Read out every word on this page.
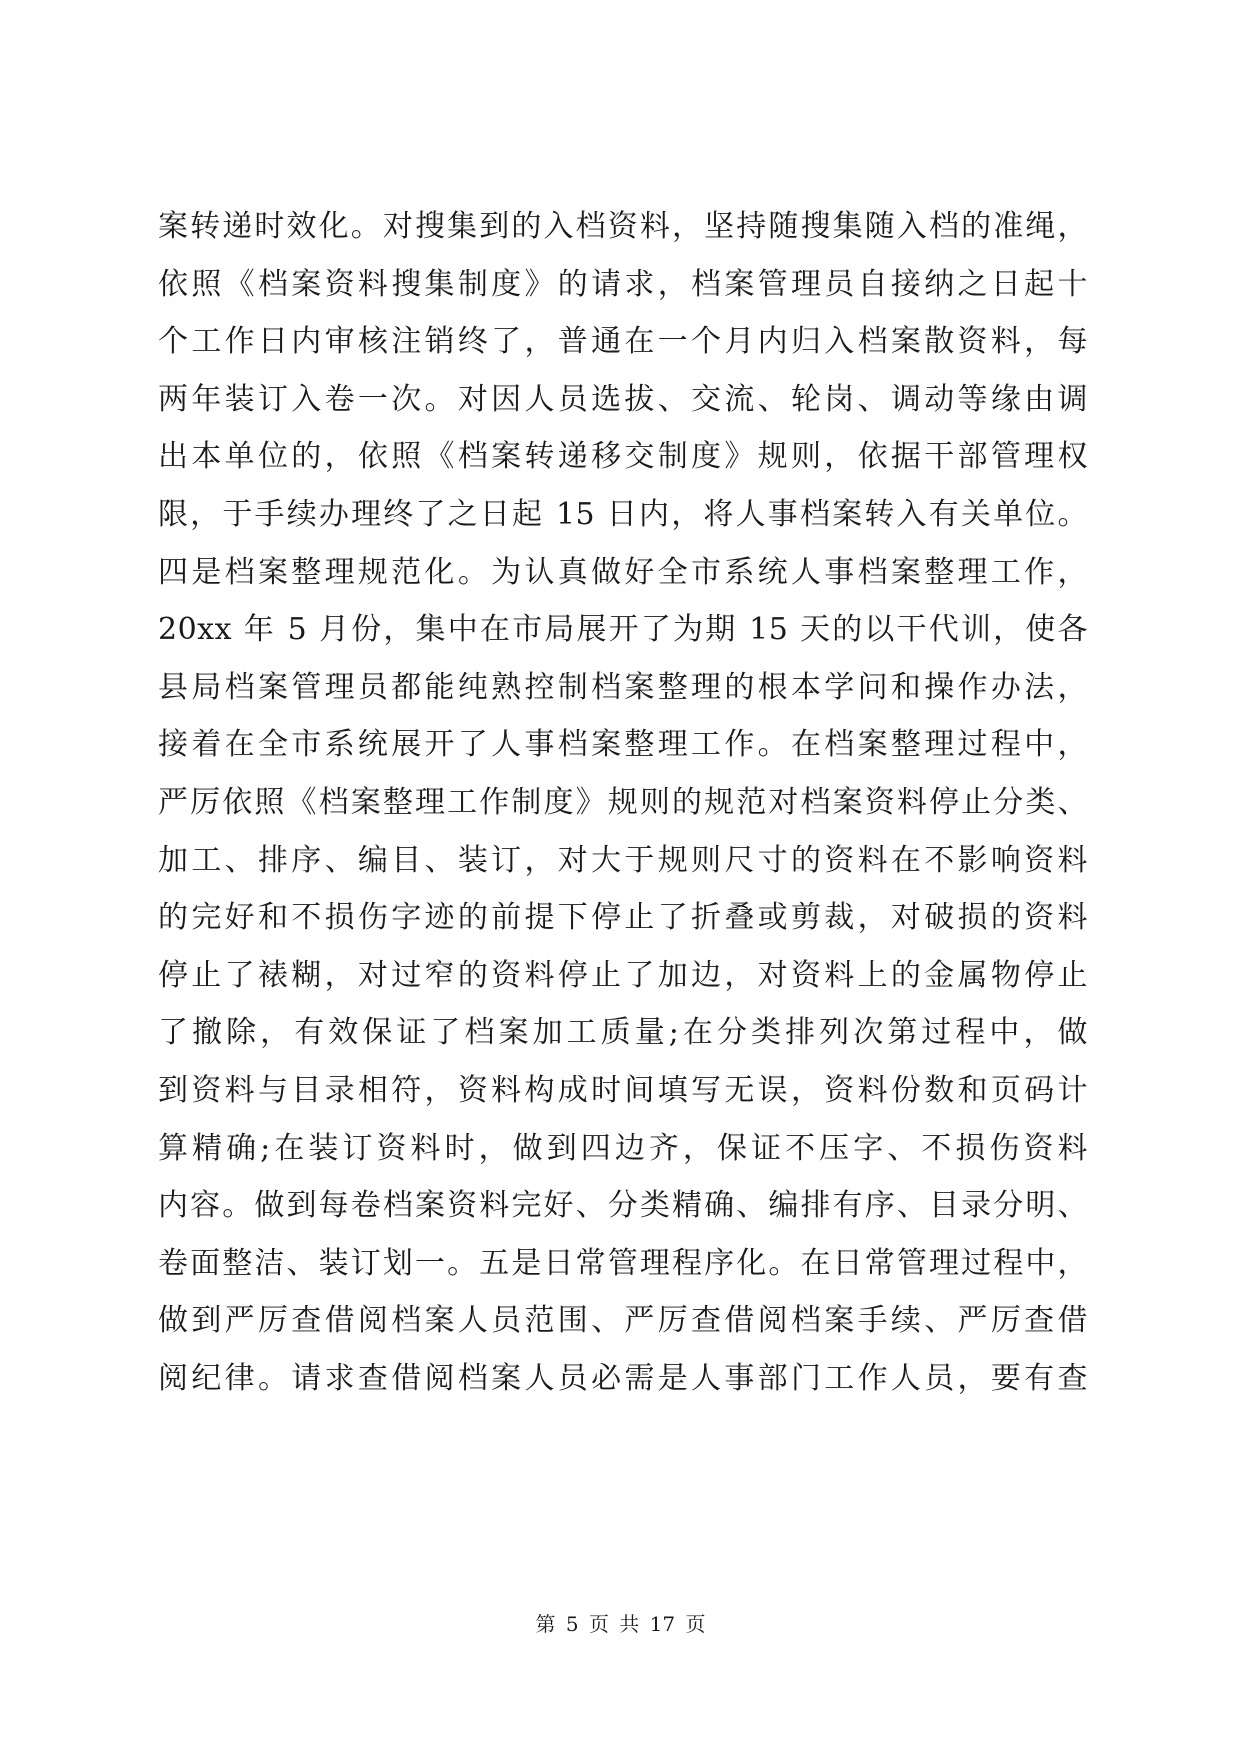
案转递时效化。对搜集到的入档资料，坚持随搜集随入档的准绳，
依照《档案资料搜集制度》的请求，档案管理员自接纳之日起十
个工作日内审核注销终了，普通在一个月内归入档案散资料，每
两年装订入卷一次。对因人员选拔、交流、轮岗、调动等缘由调
出本单位的，依照《档案转递移交制度》规则，依据干部管理权
限，于手续办理终了之日起 15 日内，将人事档案转入有关单位。
四是档案整理规范化。为认真做好全市系统人事档案整理工作，
20xx 年 5 月份，集中在市局展开了为期 15 天的以干代训，使各
县局档案管理员都能纯熟控制档案整理的根本学问和操作办法，
接着在全市系统展开了人事档案整理工作。在档案整理过程中，
严厉依照《档案整理工作制度》规则的规范对档案资料停止分类、
加工、排序、编目、装订，对大于规则尺寸的资料在不影响资料
的完好和不损伤字迹的前提下停止了折叠或剪裁，对破损的资料
停止了裱糊，对过窄的资料停止了加边，对资料上的金属物停止
了撤除，有效保证了档案加工质量;在分类排列次第过程中，做
到资料与目录相符，资料构成时间填写无误，资料份数和页码计
算精确;在装订资料时，做到四边齐，保证不压字、不损伤资料
内容。做到每卷档案资料完好、分类精确、编排有序、目录分明、
卷面整洁、装订划一。五是日常管理程序化。在日常管理过程中，
做到严厉查借阅档案人员范围、严厉查借阅档案手续、严厉查借
阅纪律。请求查借阅档案人员必需是人事部门工作人员，要有查
第 5 页 共 17 页
